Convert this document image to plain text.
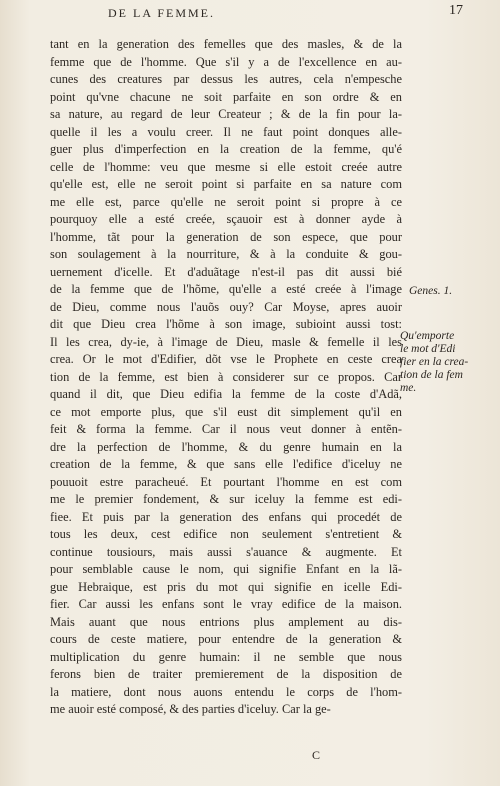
DE LA FEMME.	17
tant en la generation des femelles que des masles, & de la
femme que de l'homme. Que s'il y a de l'excellence en au-
cunes des creatures par dessus les autres, cela n'empesche
point qu'vne chacune ne soit parfaite en son ordre & en
sa nature, au regard de leur Createur ; & de la fin pour la-
quelle il les a voulu creer. Il ne faut point donques alle-
guer plus d'imperfection en la creation de la femme, qu'é
celle de l'homme: veu que mesme si elle estoit creée autre
qu'elle est, elle ne seroit point si parfaite en sa nature com
me elle est, parce qu'elle ne seroit point si propre à ce
pourquoy elle a esté creée, sçauoir est à donner ayde à
l'homme, tãt pour la generation de son espece, que pour
son soulagement à la nourriture, & à la conduite & gou-
uernement d'icelle. Et d'aduãtage n'est-il pas dit aussi bié
de la femme que de l'hõme, qu'elle a esté creée à l'image
de Dieu, comme nous l'auõs ouy? Car Moyse, apres auoir
dit que Dieu crea l'hõme à son image, subioint aussi tost:
Il les crea, dy-ie, à l'image de Dieu, masle & femelle il les
crea. Or le mot d'Edifier, dõt vse le Prophete en ceste crea
tion de la femme, est bien à considerer sur ce propos. Car
quand il dit, que Dieu edifia la femme de la coste d'Adã,
ce mot emporte plus, que s'il eust dit simplement qu'il en
feit & forma la femme. Car il nous veut donner à entẽn-
dre la perfection de l'homme, & du genre humain en la
creation de la femme, & que sans elle l'edifice d'iceluy ne
pouuoit estre paracheué. Et pourtant l'homme en est com
me le premier fondement, & sur iceluy la femme est edi-
fiee. Et puis par la generation des enfans qui procedét de
tous les deux, cest edifice non seulement s'entretient &
continue tousiours, mais aussi s'auance & augmente. Et
pour semblable cause le nom, qui signifie Enfant en la lã-
gue Hebraique, est pris du mot qui signifie en icelle Edi-
fier. Car aussi les enfans sont le vray edifice de la maison.
Mais auant que nous entrions plus amplement au dis-
cours de ceste matiere, pour entendre de la generation &
multiplication du genre humain: il ne semble que nous
ferons bien de traiter premierement de la disposition de
la matiere, dont nous auons entendu le corps de l'hom-
me auoir esté composé, & des parties d'iceluy. Car la ge-
Genes. 1.
Qu'emporte
le mot d'Edi
fier en la crea-
tion de la fem
me.
C
